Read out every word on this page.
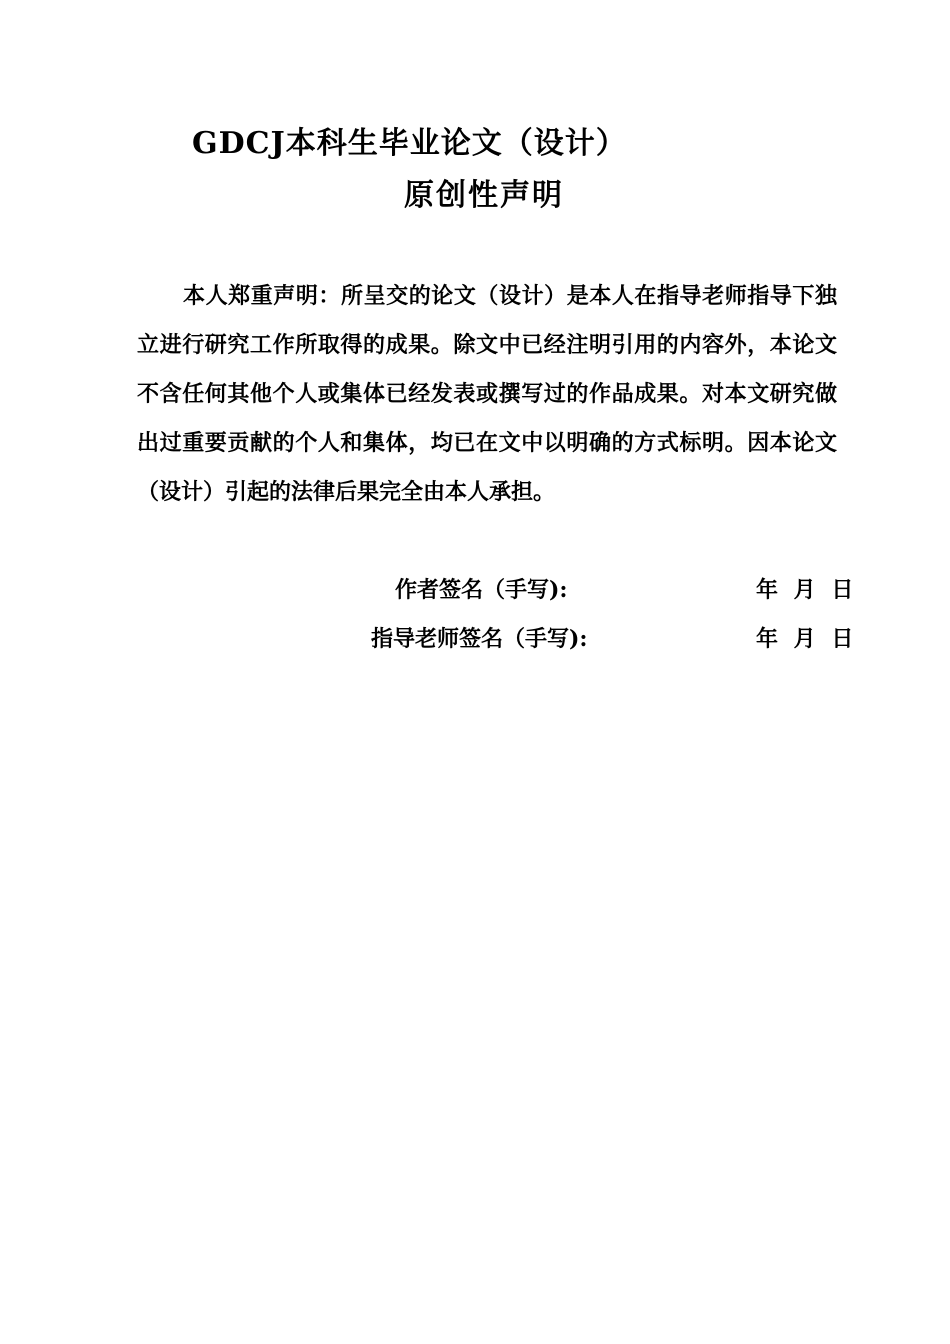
GDCJ本科生毕业论文（设计）
原创性声明

本人郑重声明：所呈交的论文（设计）是本人在指导老师指导下独立进行研究工作所取得的成果。除文中已经注明引用的内容外，本论文不含任何其他个人或集体已经发表或撰写过的作品成果。对本文研究做出过重要贡献的个人和集体，均已在文中以明确的方式标明。因本论文（设计）引起的法律后果完全由本人承担。

作者签名（手写):	年 月 日
指导老师签名（手写):	年 月 日
